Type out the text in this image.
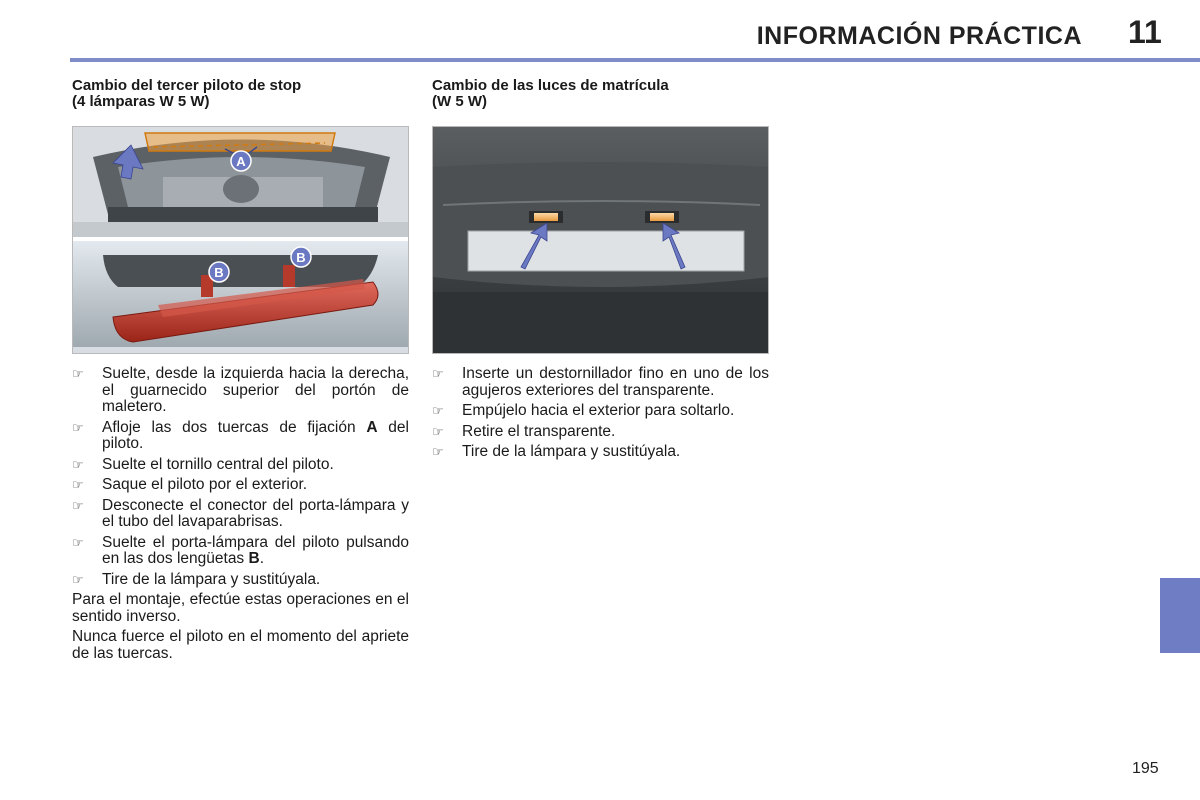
INFORMACIÓN PRÁCTICA 11
195
Cambio del tercer piloto de stop
(4 lámparas W 5 W)
A
B
B
☞	Suelte, desde la izquierda hacia la derecha, el guarnecido superior del portón de maletero.
☞	Afloje las dos tuercas de fijación A del piloto.
☞	Suelte el tornillo central del piloto.
☞	Saque el piloto por el exterior.
☞	Desconecte el conector del porta-lámpara y el tubo del lavaparabrisas.
☞	Suelte el porta-lámpara del piloto pulsando en las dos lengüetas B.
☞	Tire de la lámpara y sustitúyala.

Para el montaje, efectúe estas operaciones en el sentido inverso.

Nunca fuerce el piloto en el momento del apriete de las tuercas.

Cambio de las luces de matrícula
(W 5 W)
☞	Inserte un destornillador fino en uno de los agujeros exteriores del transparente.
☞	Empújelo hacia el exterior para soltarlo.
☞	Retire el transparente.
☞	Tire de la lámpara y sustitúyala.
